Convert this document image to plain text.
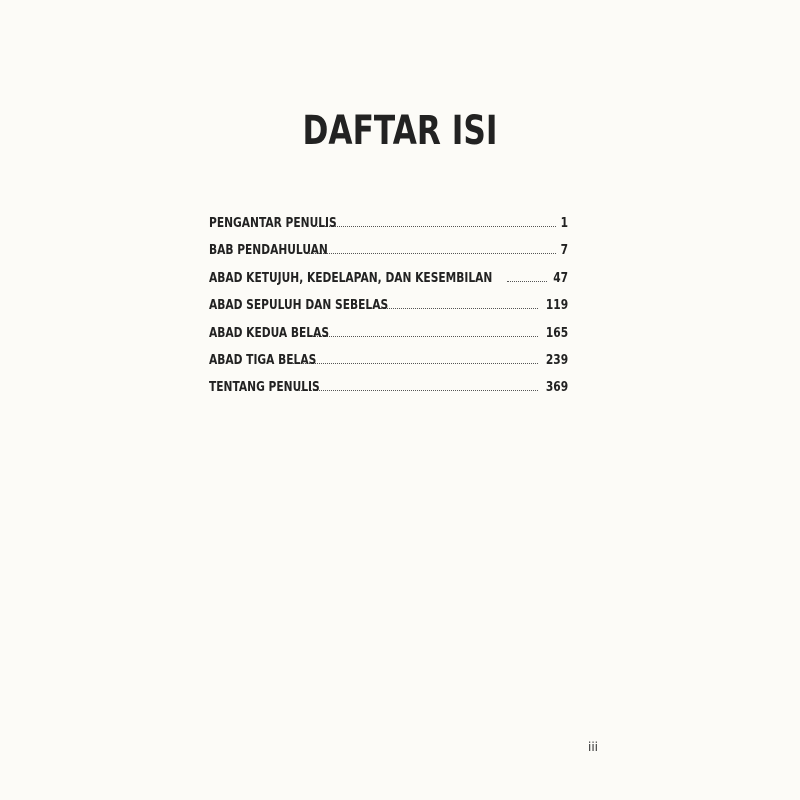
DAFTAR ISI
PENGANTAR PENULIS	1
BAB PENDAHULUAN	7
ABAD KETUJUH, KEDELAPAN, DAN KESEMBILAN	47
ABAD SEPULUH DAN SEBELAS	119
ABAD KEDUA BELAS	165
ABAD TIGA BELAS	239
TENTANG PENULIS	369
iii
